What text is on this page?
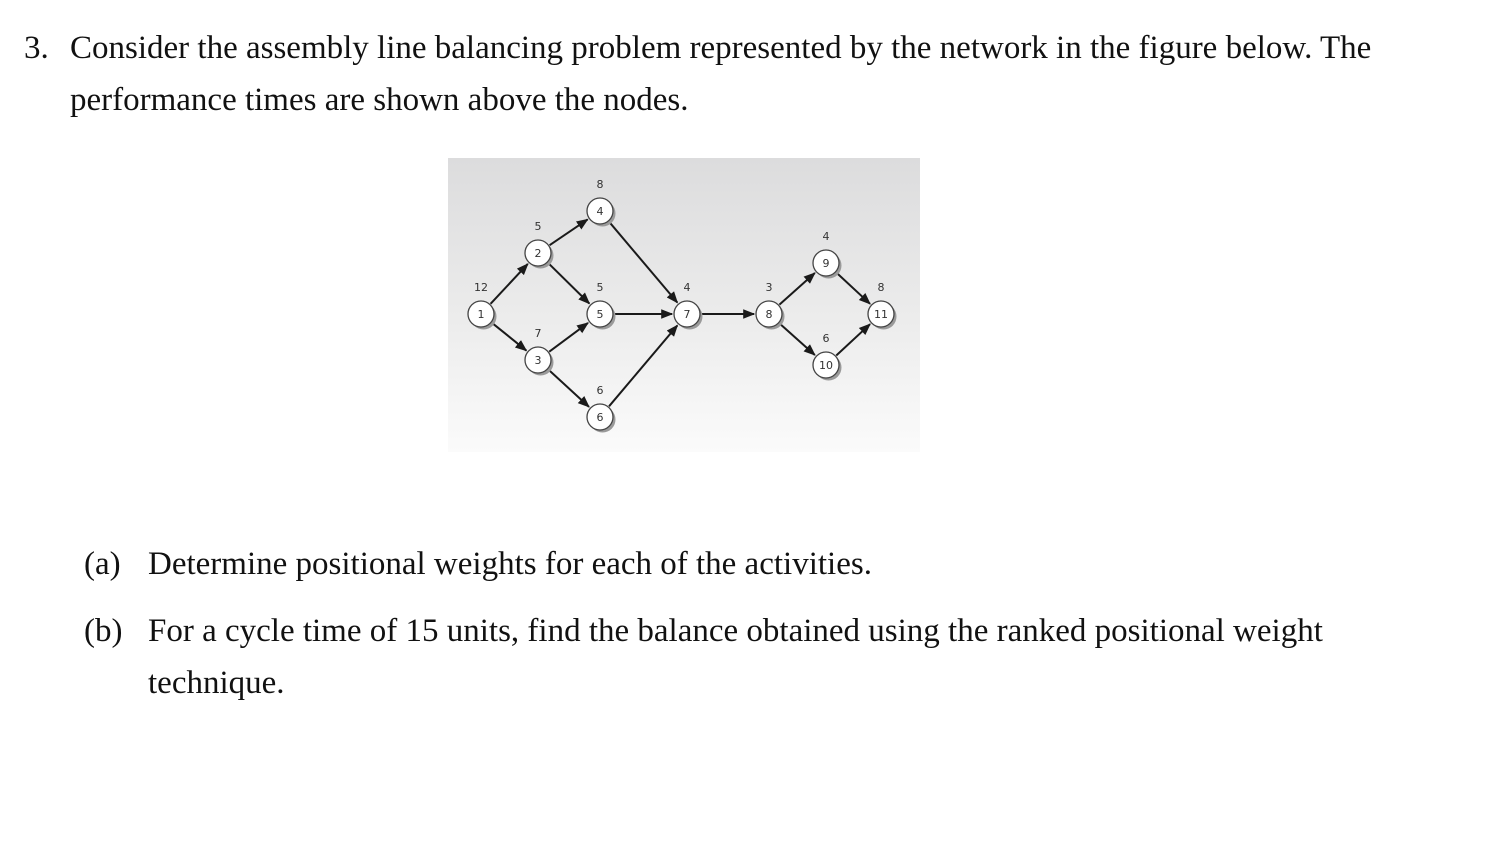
3. Consider the assembly line balancing problem represented by the network in the figure below. The performance times are shown above the nodes.
1
12
2
5
3
7
4
8
5
5
6
6
7
4
8
3
9
4
10
6
11
8
(a) Determine positional weights for each of the activities.
(b) For a cycle time of 15 units, find the balance obtained using the ranked positional weight technique.
